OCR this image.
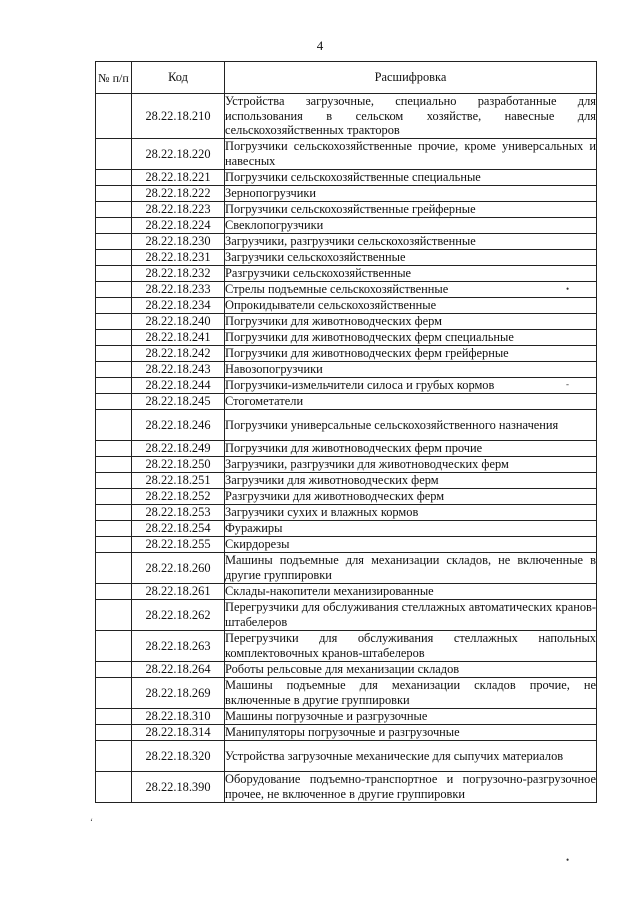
4
№ п/п	Код	Расшифровка
	28.22.18.210	Устройства загрузочные, специально разработанные для использования в сельском хозяйстве, навесные для сельскохозяйственных тракторов
	28.22.18.220	Погрузчики сельскохозяйственные прочие, кроме универсальных и навесных
	28.22.18.221	Погрузчики сельскохозяйственные специальные
	28.22.18.222	Зернопогрузчики
	28.22.18.223	Погрузчики сельскохозяйственные грейферные
	28.22.18.224	Свеклопогрузчики
	28.22.18.230	Загрузчики, разгрузчики сельскохозяйственные
	28.22.18.231	Загрузчики сельскохозяйственные
	28.22.18.232	Разгрузчики сельскохозяйственные
	28.22.18.233	Стрелы подъемные сельскохозяйственные
	28.22.18.234	Опрокидыватели сельскохозяйственные
	28.22.18.240	Погрузчики для животноводческих ферм
	28.22.18.241	Погрузчики для животноводческих ферм специальные
	28.22.18.242	Погрузчики для животноводческих ферм грейферные
	28.22.18.243	Навозопогрузчики
	28.22.18.244	Погрузчики-измельчители силоса и грубых кормов
	28.22.18.245	Стогометатели
	28.22.18.246	Погрузчики универсальные сельскохозяйственного назначения
	28.22.18.249	Погрузчики для животноводческих ферм прочие
	28.22.18.250	Загрузчики, разгрузчики для животноводческих ферм
	28.22.18.251	Загрузчики для животноводческих ферм
	28.22.18.252	Разгрузчики для животноводческих ферм
	28.22.18.253	Загрузчики сухих и влажных кормов
	28.22.18.254	Фуражиры
	28.22.18.255	Скирдорезы
	28.22.18.260	Машины подъемные для механизации складов, не включенные в другие группировки
	28.22.18.261	Склады-накопители механизированные
	28.22.18.262	Перегрузчики для обслуживания стеллажных автоматических кранов-штабелеров
	28.22.18.263	Перегрузчики для обслуживания стеллажных напольных комплектовочных кранов-штабелеров
	28.22.18.264	Роботы рельсовые для механизации складов
	28.22.18.269	Машины подъемные для механизации складов прочие, не включенные в другие группировки
	28.22.18.310	Машины погрузочные и разгрузочные
	28.22.18.314	Манипуляторы погрузочные и разгрузочные
	28.22.18.320	Устройства загрузочные механические для сыпучих материалов
	28.22.18.390	Оборудование подъемно-транспортное и погрузочно-разгрузочное прочее, не включенное в другие группировки
•
-
‘
•
